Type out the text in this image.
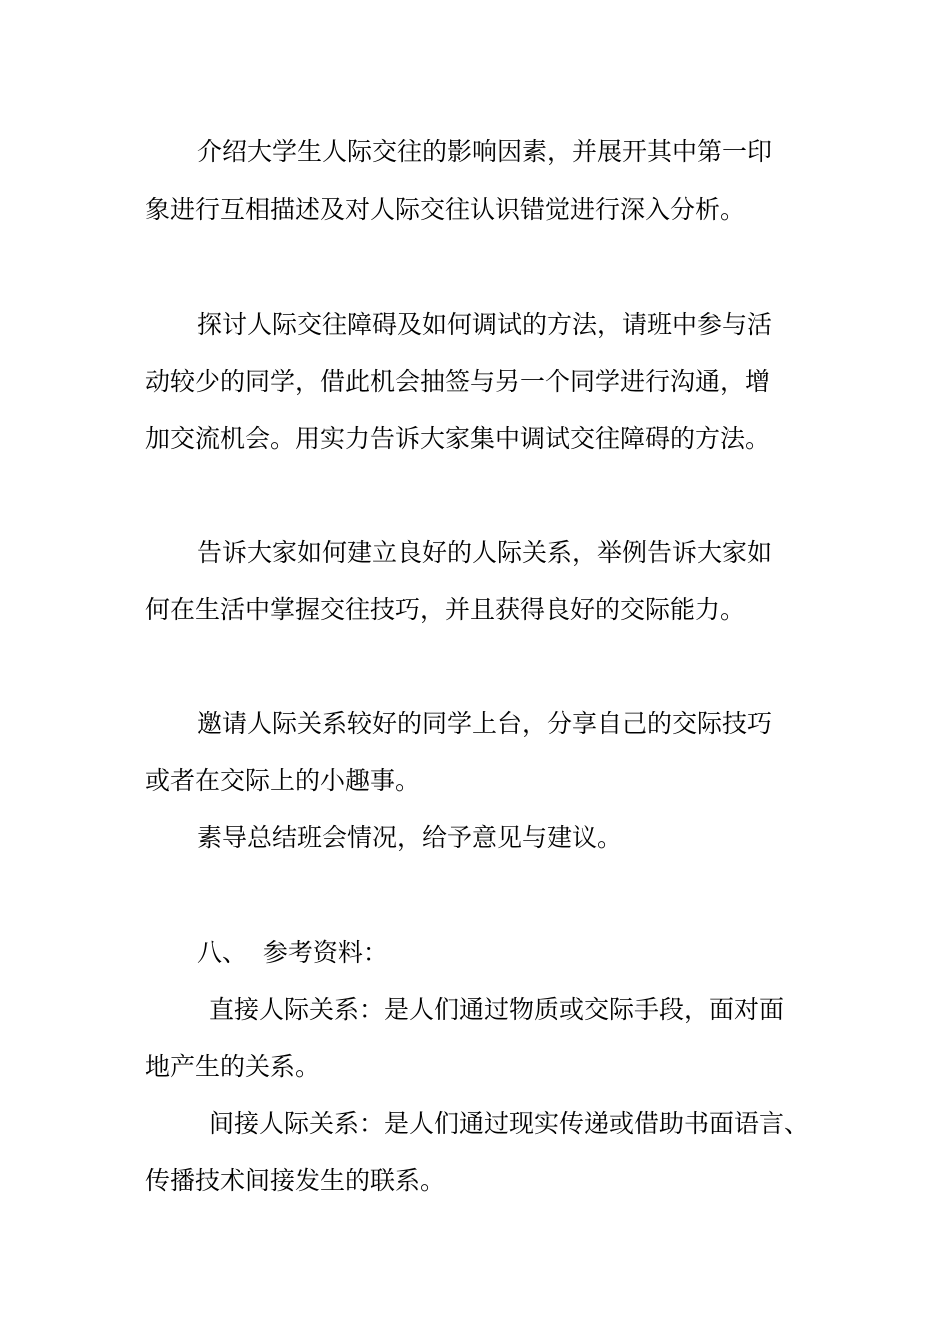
介绍大学生人际交往的影响因素，并展开其中第一印
象进行互相描述及对人际交往认识错觉进行深入分析。
探讨人际交往障碍及如何调试的方法，请班中参与活
动较少的同学，借此机会抽签与另一个同学进行沟通，增
加交流机会。用实力告诉大家集中调试交往障碍的方法。
告诉大家如何建立良好的人际关系，举例告诉大家如
何在生活中掌握交往技巧，并且获得良好的交际能力。
邀请人际关系较好的同学上台，分享自己的交际技巧
或者在交际上的小趣事。
素导总结班会情况，给予意见与建议。
八、  参考资料：
直接人际关系：是人们通过物质或交际手段，面对面
地产生的关系。
间接人际关系：是人们通过现实传递或借助书面语言、
传播技术间接发生的联系。
